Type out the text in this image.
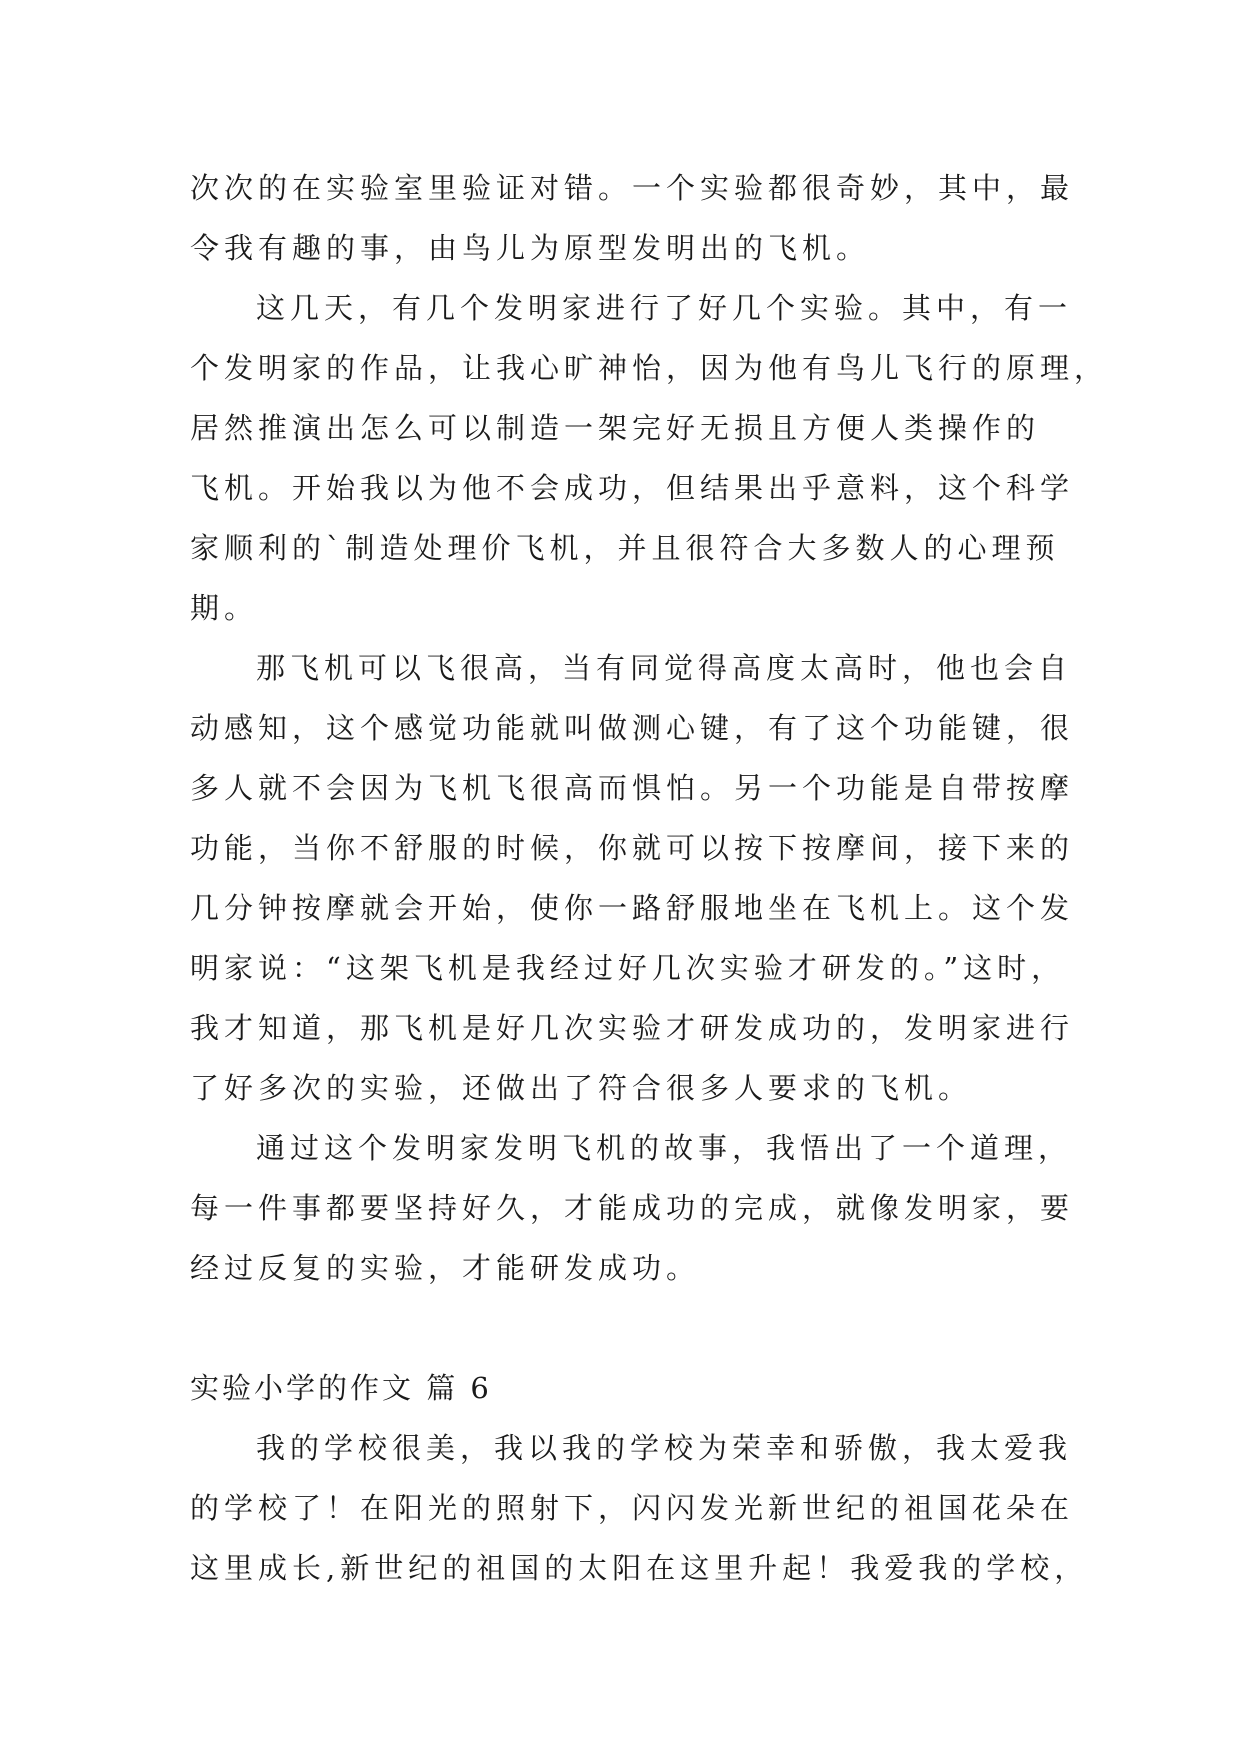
次次的在实验室里验证对错。一个实验都很奇妙，其中，最
令我有趣的事，由鸟儿为原型发明出的飞机。
这几天，有几个发明家进行了好几个实验。其中，有一
个发明家的作品，让我心旷神怡，因为他有鸟儿飞行的原理，
居然推演出怎么可以制造一架完好无损且方便人类操作的
飞机。开始我以为他不会成功，但结果出乎意料，这个科学
家顺利的`制造处理价飞机，并且很符合大多数人的心理预
期。
那飞机可以飞很高，当有同觉得高度太高时，他也会自
动感知，这个感觉功能就叫做测心键，有了这个功能键，很
多人就不会因为飞机飞很高而惧怕。另一个功能是自带按摩
功能，当你不舒服的时候，你就可以按下按摩间，接下来的
几分钟按摩就会开始，使你一路舒服地坐在飞机上。这个发
明家说：“这架飞机是我经过好几次实验才研发的。”这时，
我才知道，那飞机是好几次实验才研发成功的，发明家进行
了好多次的实验，还做出了符合很多人要求的飞机。
通过这个发明家发明飞机的故事，我悟出了一个道理，
每一件事都要坚持好久，才能成功的完成，就像发明家，要
经过反复的实验，才能研发成功。
实验小学的作文 篇 6
我的学校很美，我以我的学校为荣幸和骄傲，我太爱我
的学校了！在阳光的照射下，闪闪发光新世纪的祖国花朵在
这里成长,新世纪的祖国的太阳在这里升起！我爱我的学校，
